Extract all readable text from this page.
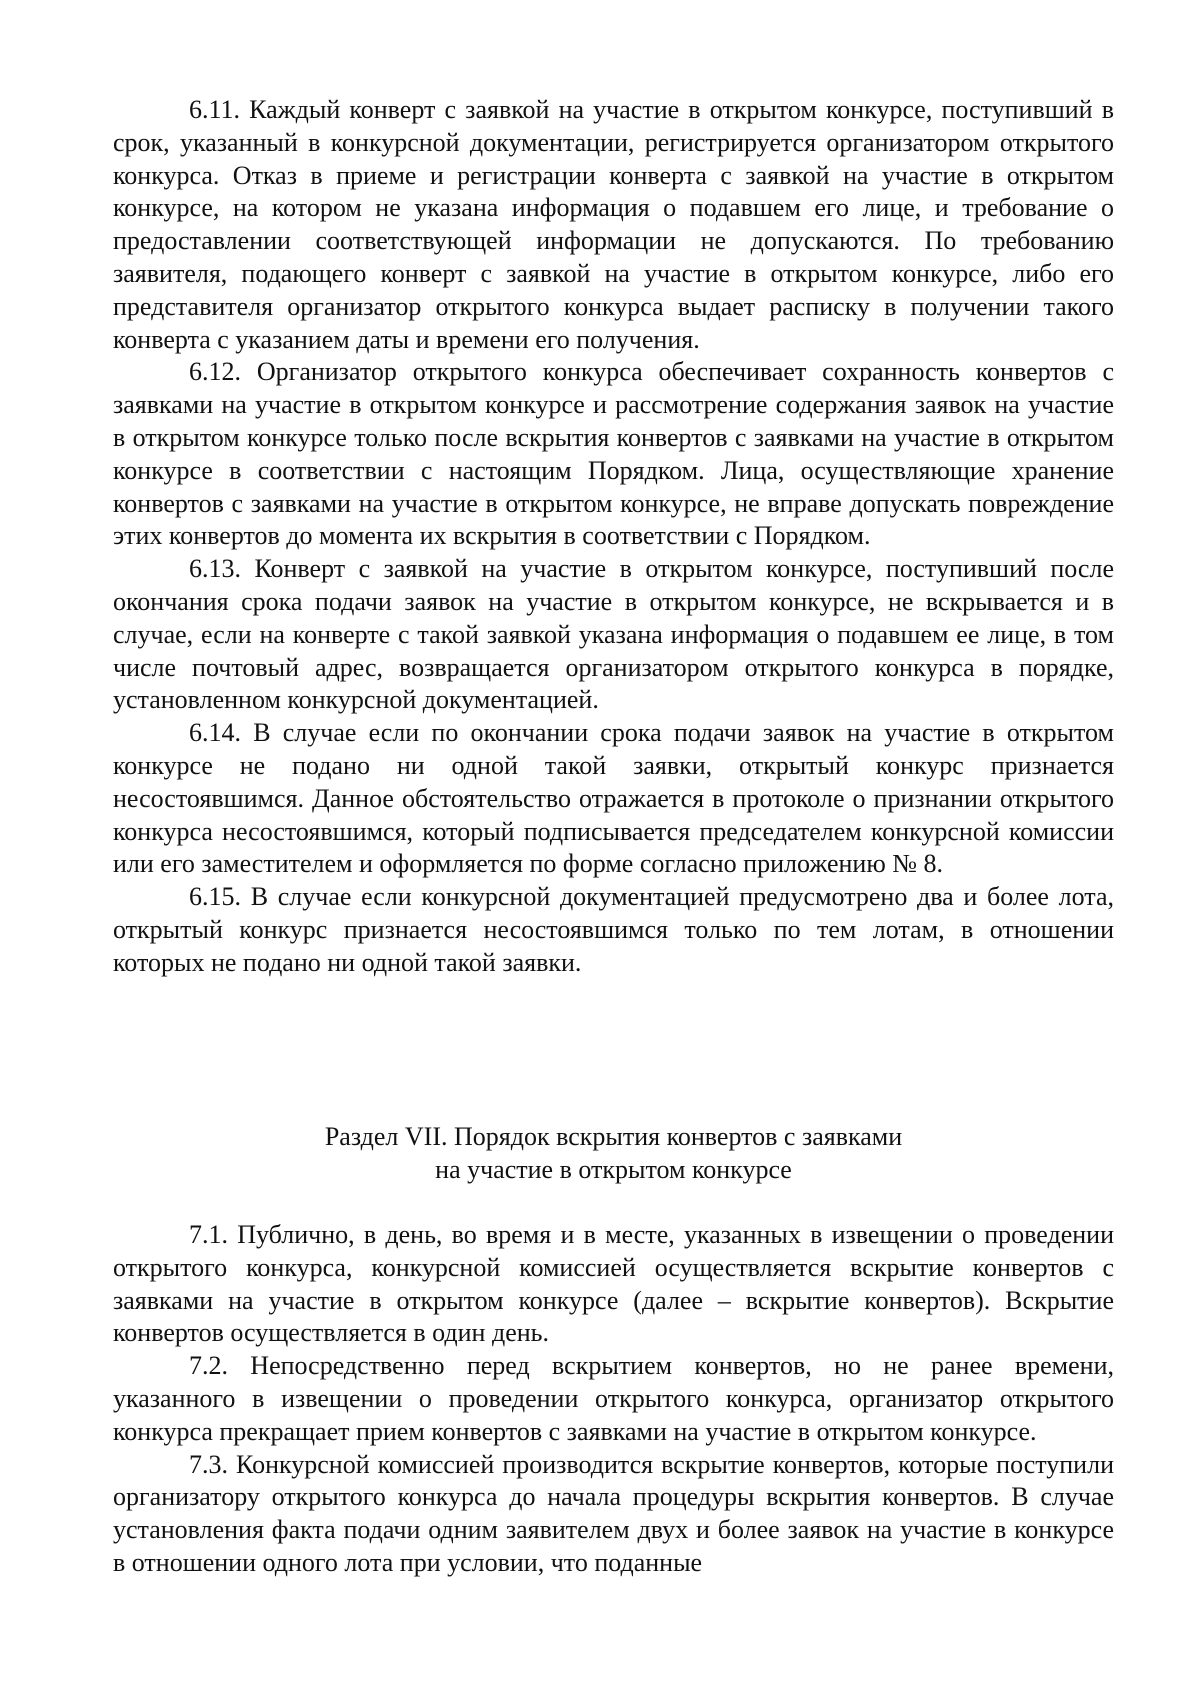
6.11. Каждый конверт с заявкой на участие в открытом конкурсе, поступивший в срок, указанный в конкурсной документации, регистрируется организатором открытого конкурса. Отказ в приеме и регистрации конверта с заявкой на участие в открытом конкурсе, на котором не указана информация о подавшем его лице, и требование о предоставлении соответствующей информации не допускаются. По требованию заявителя, подающего конверт с заявкой на участие в открытом конкурсе, либо его представителя организатор открытого конкурса выдает расписку в получении такого конверта с указанием даты и времени его получения.

6.12. Организатор открытого конкурса обеспечивает сохранность конвертов с заявками на участие в открытом конкурсе и рассмотрение содержания заявок на участие в открытом конкурсе только после вскрытия конвертов с заявками на участие в открытом конкурсе в соответствии с настоящим Порядком. Лица, осуществляющие хранение конвертов с заявками на участие в открытом конкурсе, не вправе допускать повреждение этих конвертов до момента их вскрытия в соответствии с Порядком.

6.13. Конверт с заявкой на участие в открытом конкурсе, поступивший после окончания срока подачи заявок на участие в открытом конкурсе, не вскрывается и в случае, если на конверте с такой заявкой указана информация о подавшем ее лице, в том числе почтовый адрес, возвращается организатором открытого конкурса в порядке, установленном конкурсной документацией.

6.14. В случае если по окончании срока подачи заявок на участие в открытом конкурсе не подано ни одной такой заявки, открытый конкурс признается несостоявшимся. Данное обстоятельство отражается в протоколе о признании открытого конкурса несостоявшимся, который подписывается председателем конкурсной комиссии или его заместителем и оформляется по форме согласно приложению № 8.

6.15. В случае если конкурсной документацией предусмотрено два и более лота, открытый конкурс признается несостоявшимся только по тем лотам, в отношении которых не подано ни одной такой заявки.

Раздел VII. Порядок вскрытия конвертов с заявками
на участие в открытом конкурсе

7.1. Публично, в день, во время и в месте, указанных в извещении о проведении открытого конкурса, конкурсной комиссией осуществляется вскрытие конвертов с заявками на участие в открытом конкурсе (далее – вскрытие конвертов). Вскрытие конвертов осуществляется в один день.

7.2. Непосредственно перед вскрытием конвертов, но не ранее времени, указанного в извещении о проведении открытого конкурса, организатор открытого конкурса прекращает прием конвертов с заявками на участие в открытом конкурсе.

7.3. Конкурсной комиссией производится вскрытие конвертов, которые поступили организатору открытого конкурса до начала процедуры вскрытия конвертов. В случае установления факта подачи одним заявителем двух и более заявок на участие в конкурсе в отношении одного лота при условии, что поданные
